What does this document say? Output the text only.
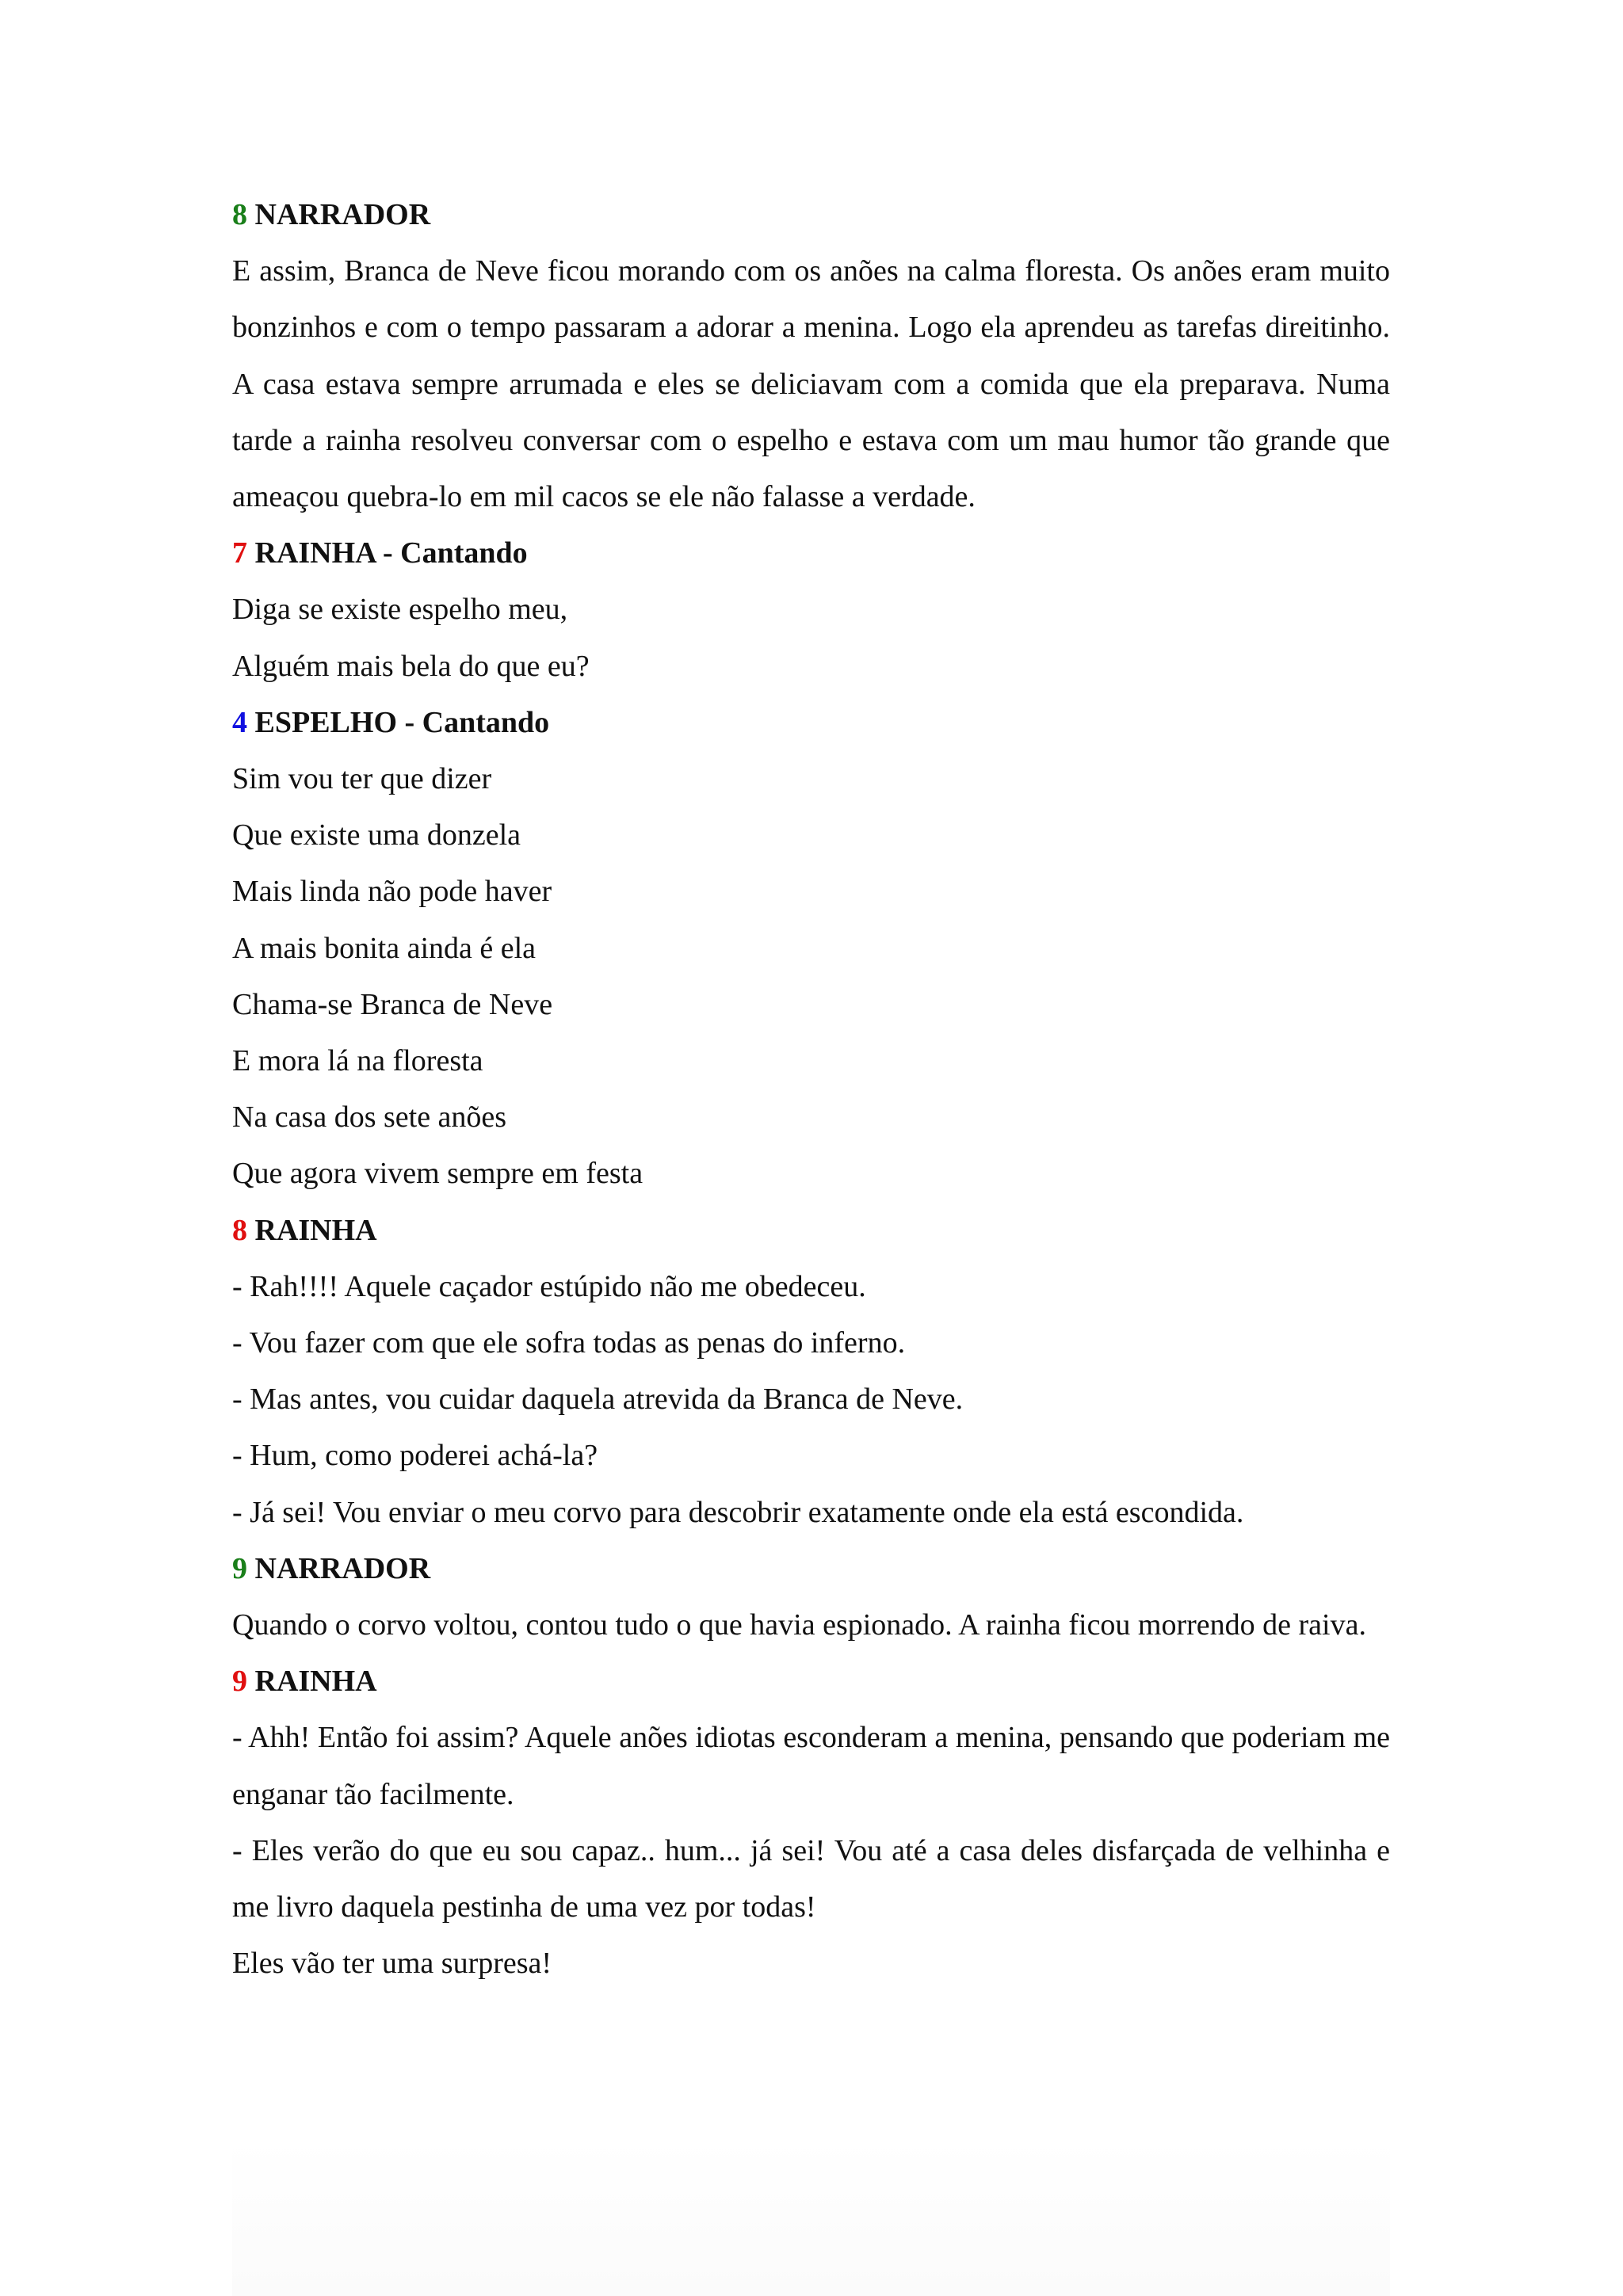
8 NARRADOR

E assim, Branca de Neve ficou morando com os anões na calma floresta. Os anões eram muito bonzinhos e com o tempo passaram a adorar a menina. Logo ela aprendeu as tarefas direitinho. A casa estava sempre arrumada e eles se deliciavam com a comida que ela preparava. Numa tarde a rainha resolveu conversar com o espelho e estava com um mau humor tão grande que ameaçou quebra-lo em mil cacos se ele não falasse a verdade.

7 RAINHA - Cantando

Diga se existe espelho meu,

Alguém mais bela do que eu?

4 ESPELHO - Cantando

Sim vou ter que dizer

Que existe uma donzela

Mais linda não pode haver

A mais bonita ainda é ela

Chama-se Branca de Neve

E mora lá na floresta

Na casa dos sete anões

Que agora vivem sempre em festa

8 RAINHA

- Rah!!!! Aquele caçador estúpido não me obedeceu.

- Vou fazer com que ele sofra todas as penas do inferno.

- Mas antes, vou cuidar daquela atrevida da Branca de Neve.

- Hum, como poderei achá-la?

- Já sei! Vou enviar o meu corvo para descobrir exatamente onde ela está escondida.

9 NARRADOR

Quando o corvo voltou, contou tudo o que havia espionado. A rainha ficou morrendo de raiva.

9 RAINHA

- Ahh! Então foi assim? Aquele anões idiotas esconderam a menina, pensando que poderiam me enganar tão facilmente.

- Eles verão do que eu sou capaz.. hum... já sei! Vou até a casa deles disfarçada de velhinha e me livro daquela pestinha de uma vez por todas!

Eles vão ter uma surpresa!
